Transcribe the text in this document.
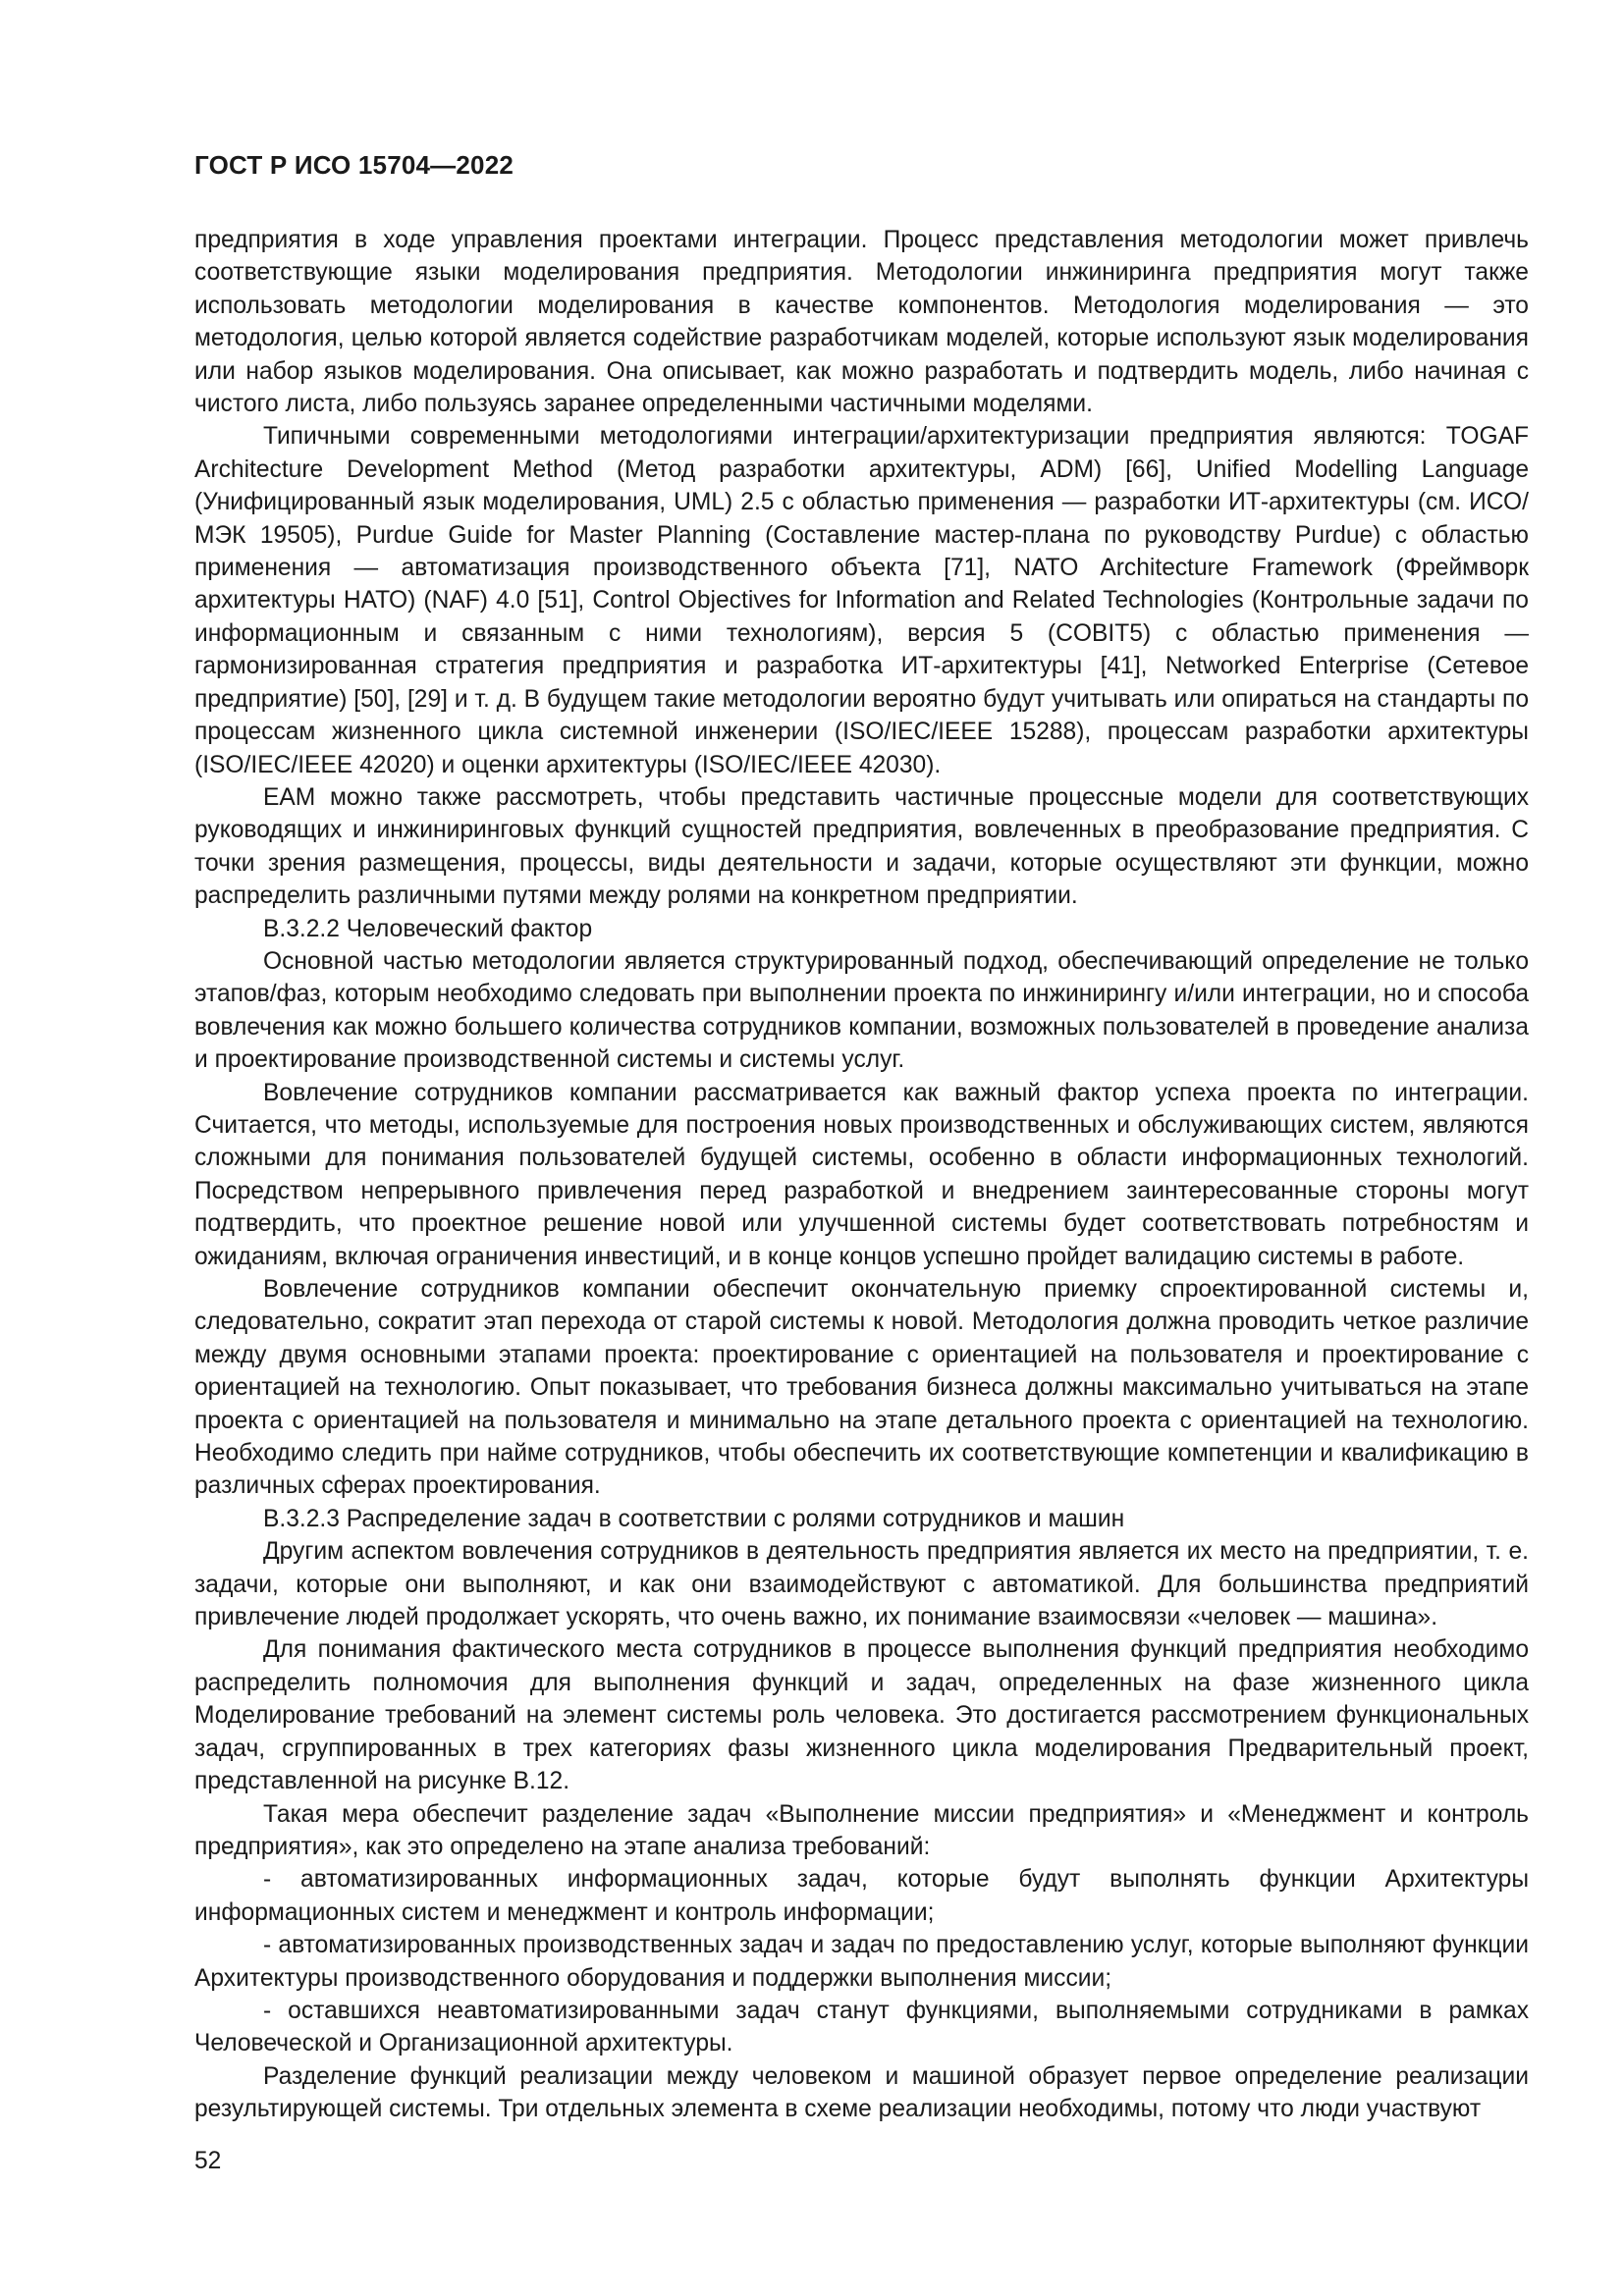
ГОСТ Р ИСО 15704—2022

предприятия в ходе управления проектами интеграции. Процесс представления методологии может привлечь соответствующие языки моделирования предприятия. Методологии инжиниринга предприятия могут также использовать методологии моделирования в качестве компонентов. Методология моделирования — это методология, целью которой является содействие разработчикам моделей, которые используют язык моделирования или набор языков моделирования. Она описывает, как можно разработать и подтвердить модель, либо начиная с чистого листа, либо пользуясь заранее определенными частичными моделями.

Типичными современными методологиями интеграции/архитектуризации предприятия являются: TOGAF Architecture Development Method (Метод разработки архитектуры, ADM) [66], Unified Modelling Language (Унифицированный язык моделирования, UML) 2.5 с областью применения — разработки ИТ-архитектуры (см. ИСО/МЭК 19505), Purdue Guide for Master Planning (Составление мастер-плана по руководству Purdue) с областью применения — автоматизация производственного объекта [71], NATO Architecture Framework (Фреймворк архитектуры НАТО) (NAF) 4.0 [51], Control Objectives for Information and Related Technologies (Контрольные задачи по информационным и связанным с ними технологиям), версия 5 (COBIT5) с областью применения — гармонизированная стратегия предприятия и разработка ИТ-архитектуры [41], Networked Enterprise (Сетевое предприятие) [50], [29] и т. д. В будущем такие методологии вероятно будут учитывать или опираться на стандарты по процессам жизненного цикла системной инженерии (ISO/IEC/IEEE 15288), процессам разработки архитектуры (ISO/IEC/IEEE 42020) и оценки архитектуры (ISO/IEC/IEEE 42030).

EAM можно также рассмотреть, чтобы представить частичные процессные модели для соответствующих руководящих и инжиниринговых функций сущностей предприятия, вовлеченных в преобразование предприятия. С точки зрения размещения, процессы, виды деятельности и задачи, которые осуществляют эти функции, можно распределить различными путями между ролями на конкретном предприятии.

В.3.2.2 Человеческий фактор

Основной частью методологии является структурированный подход, обеспечивающий определение не только этапов/фаз, которым необходимо следовать при выполнении проекта по инжинирингу и/или интеграции, но и способа вовлечения как можно большего количества сотрудников компании, возможных пользователей в проведение анализа и проектирование производственной системы и системы услуг.

Вовлечение сотрудников компании рассматривается как важный фактор успеха проекта по интеграции. Считается, что методы, используемые для построения новых производственных и обслуживающих систем, являются сложными для понимания пользователей будущей системы, особенно в области информационных технологий. Посредством непрерывного привлечения перед разработкой и внедрением заинтересованные стороны могут подтвердить, что проектное решение новой или улучшенной системы будет соответствовать потребностям и ожиданиям, включая ограничения инвестиций, и в конце концов успешно пройдет валидацию системы в работе.

Вовлечение сотрудников компании обеспечит окончательную приемку спроектированной системы и, следовательно, сократит этап перехода от старой системы к новой. Методология должна проводить четкое различие между двумя основными этапами проекта: проектирование с ориентацией на пользователя и проектирование с ориентацией на технологию. Опыт показывает, что требования бизнеса должны максимально учитываться на этапе проекта с ориентацией на пользователя и минимально на этапе детального проекта с ориентацией на технологию. Необходимо следить при найме сотрудников, чтобы обеспечить их соответствующие компетенции и квалификацию в различных сферах проектирования.

В.3.2.3 Распределение задач в соответствии с ролями сотрудников и машин

Другим аспектом вовлечения сотрудников в деятельность предприятия является их место на предприятии, т. е. задачи, которые они выполняют, и как они взаимодействуют с автоматикой. Для большинства предприятий привлечение людей продолжает ускорять, что очень важно, их понимание взаимосвязи «человек — машина».

Для понимания фактического места сотрудников в процессе выполнения функций предприятия необходимо распределить полномочия для выполнения функций и задач, определенных на фазе жизненного цикла Моделирование требований на элемент системы роль человека. Это достигается рассмотрением функциональных задач, сгруппированных в трех категориях фазы жизненного цикла моделирования Предварительный проект, представленной на рисунке В.12.

Такая мера обеспечит разделение задач «Выполнение миссии предприятия» и «Менеджмент и контроль предприятия», как это определено на этапе анализа требований:

- автоматизированных информационных задач, которые будут выполнять функции Архитектуры информационных систем и менеджмент и контроль информации;

- автоматизированных производственных задач и задач по предоставлению услуг, которые выполняют функции Архитектуры производственного оборудования и поддержки выполнения миссии;

- оставшихся неавтоматизированными задач станут функциями, выполняемыми сотрудниками в рамках Человеческой и Организационной архитектуры.

Разделение функций реализации между человеком и машиной образует первое определение реализации результирующей системы. Три отдельных элемента в схеме реализации необходимы, потому что люди участвуют

52
